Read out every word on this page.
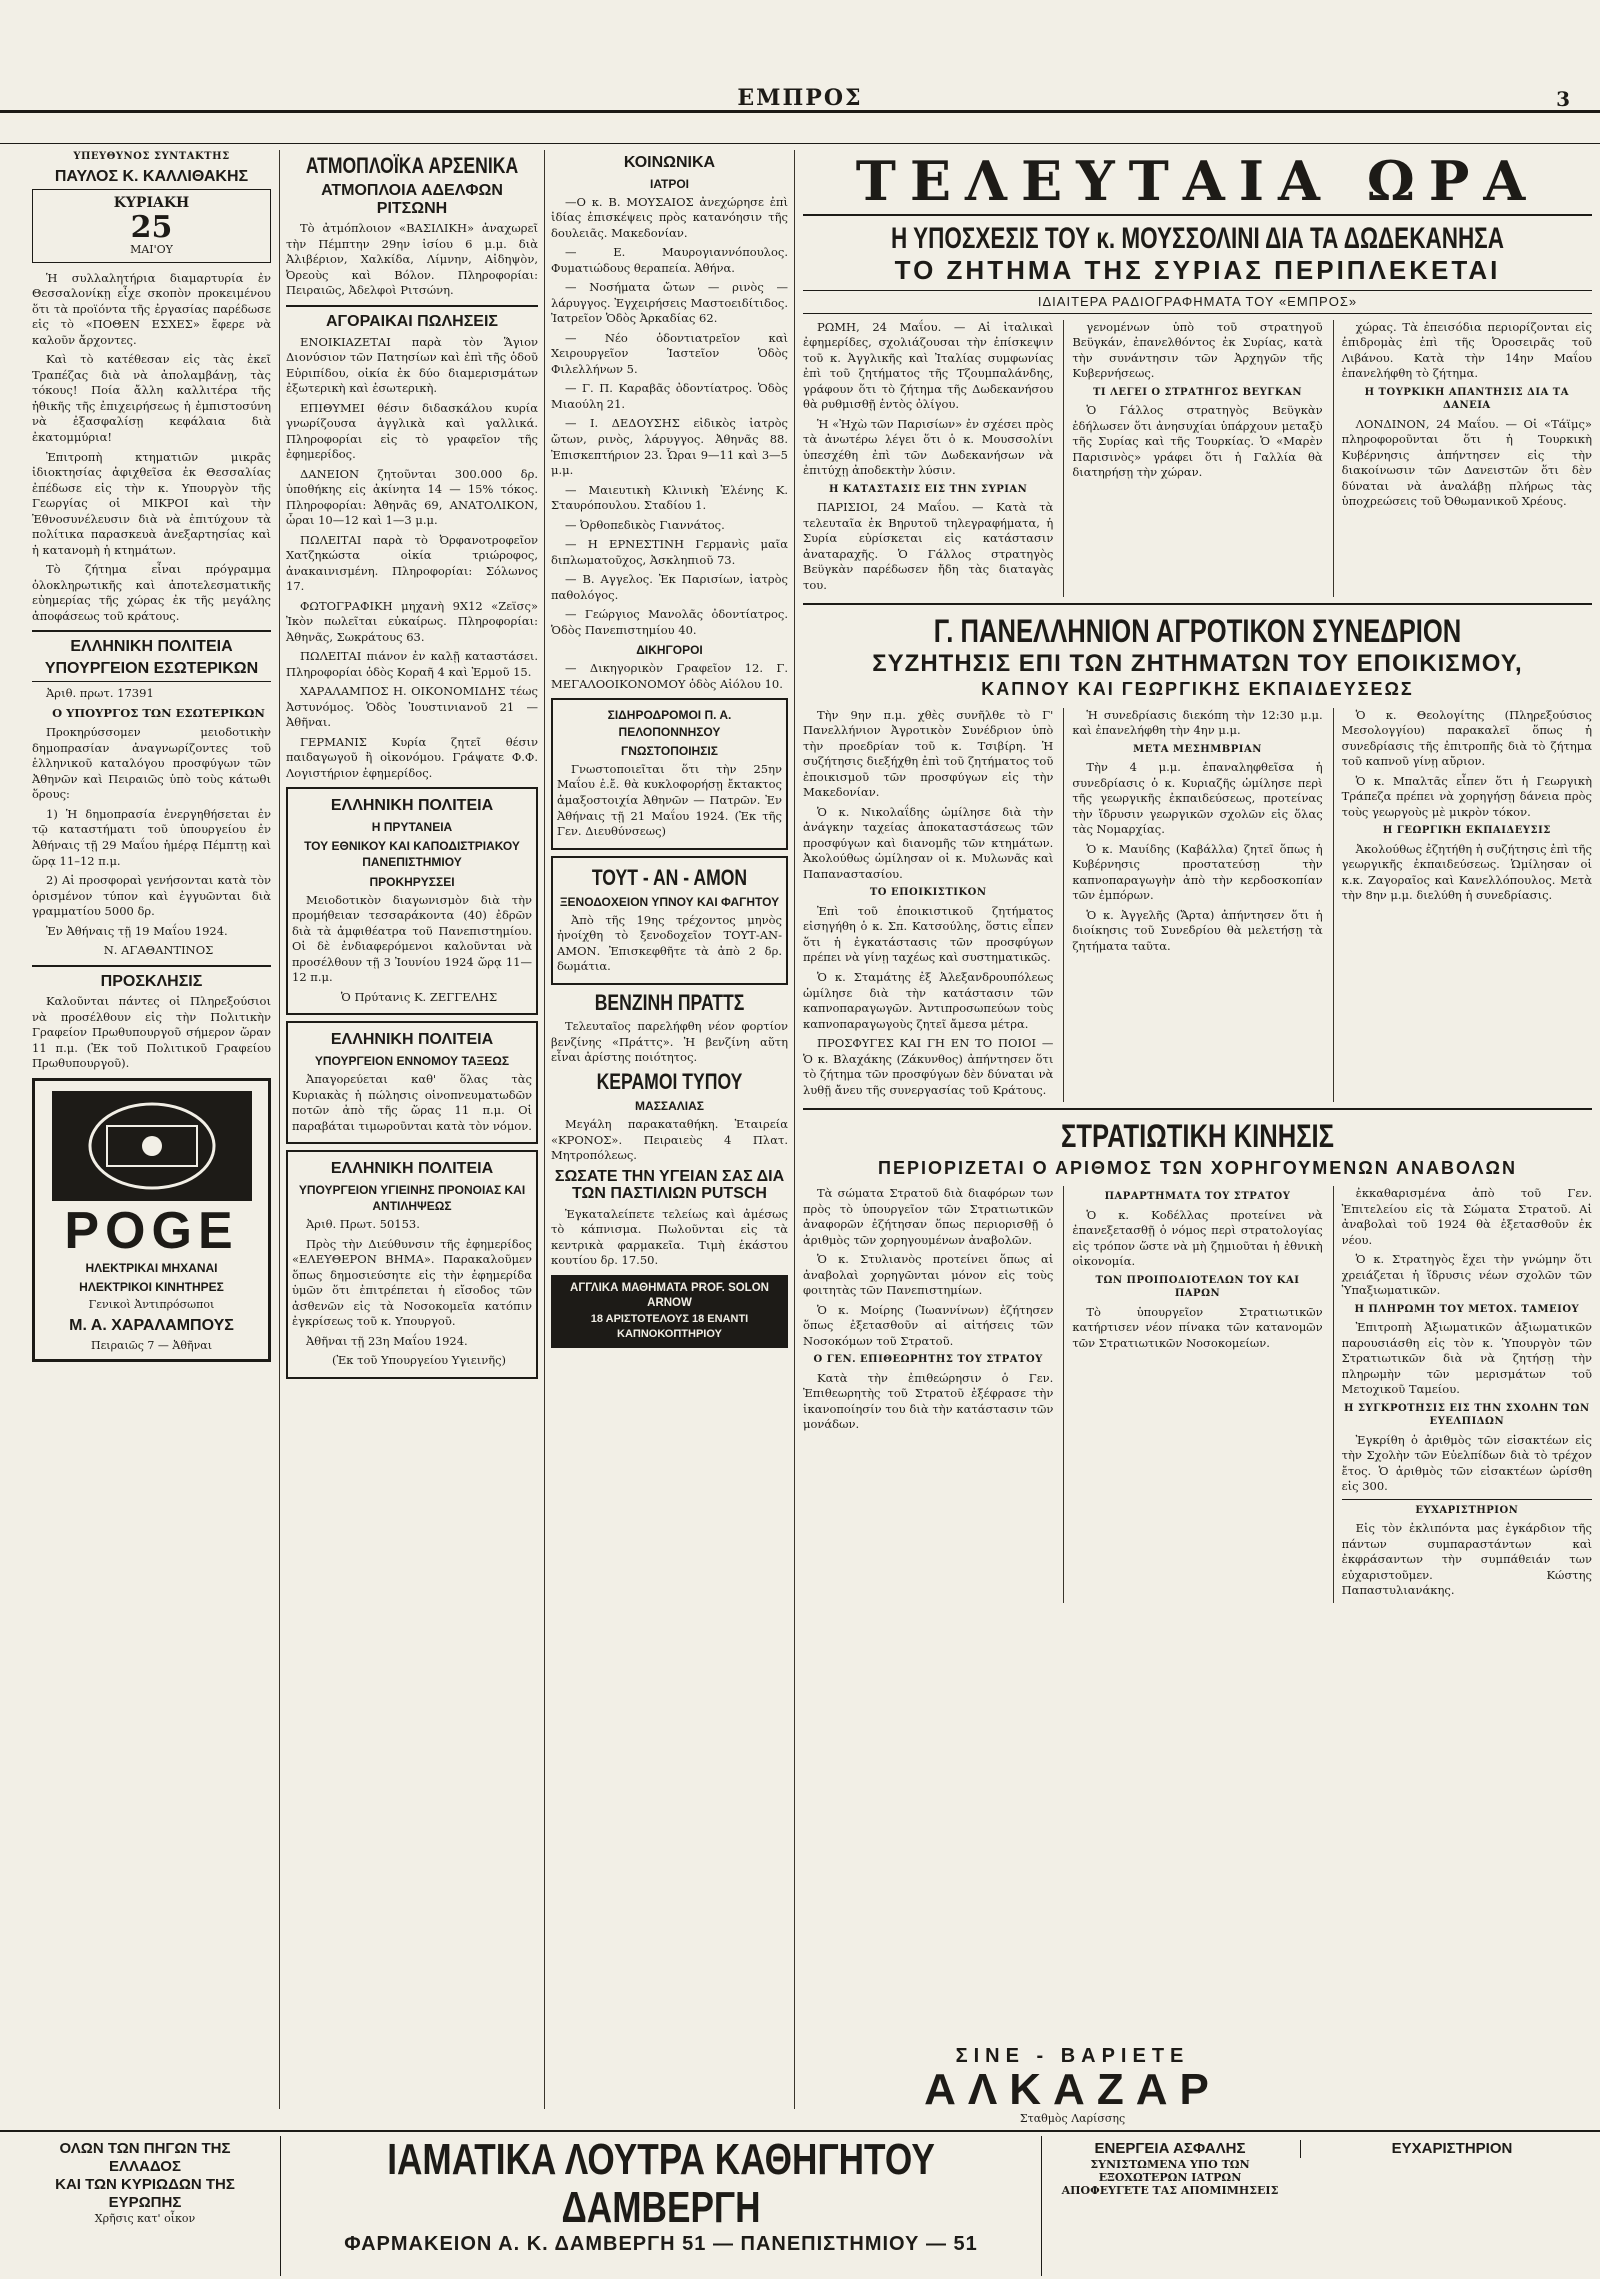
ΕΜΠΡΟΣ	3
ΥΠΕΥΘΥΝΟΣ ΣΥΝΤΑΚΤΗΣ
ΠΑΥΛΟΣ Κ. ΚΑΛΛΙΘΑΚΗΣ
ΚΥΡΙΑΚΗ
25
ΜΑΙ'ΟΥ

Ἡ συλλαλητήρια διαμαρτυρία ἐν Θεσσαλονίκῃ εἶχε σκοπὸν προκειμένου ὅτι τὰ προϊόντα τῆς ἐργασίας παρέδωσε εἰς τὸ «ΠΟΘΕΝ ΕΣΧΕΣ» ἔφερε νὰ καλοῦν ἄρχοντες.

Καὶ τὸ κατέθεσαν εἰς τὰς ἐκεῖ Τραπέζας διὰ νὰ ἀπολαμβάνῃ, τὰς τόκους! Ποία ἄλλη καλλιτέρα τῆς ἠθικῆς τῆς ἐπιχειρήσεως ἡ ἐμπιστοσύνη νὰ ἐξασφαλίσῃ κεφάλαια διὰ ἐκατομμύρια!

Ἐπιτροπὴ κτηματιῶν μικρᾶς ἰδιοκτησίας ἀφιχθεῖσα ἐκ Θεσσαλίας ἐπέδωσε εἰς τὴν κ. Υπουργὸν τῆς Γεωργίας οἱ ΜΙΚΡΟΙ καὶ τὴν Ἐθνοσυνέλευσιν διὰ νὰ ἐπιτύχουν τὰ πολίτικα παρασκευὰ ἀνεξαρτησίας καὶ ἡ κατανομὴ ἡ κτημάτων.

Τὸ ζήτημα εἶναι πρόγραμμα ὁλοκληρωτικῆς καὶ ἀποτελεσματικῆς εὐημερίας τῆς χώρας ἐκ τῆς μεγάλης ἀποφάσεως τοῦ κράτους.

ΕΛΛΗΝΙΚΗ ΠΟΛΙΤΕΙΑ
ΥΠΟΥΡΓΕΙΟΝ ΕΣΩΤΕΡΙΚΩΝ

Ἀριθ. πρωτ. 17391

Ο ΥΠΟΥΡΓΟΣ ΤΩΝ ΕΣΩΤΕΡΙΚΩΝ

Προκηρύσσομεν μειοδοτικὴν δημοπρασίαν ἀναγνωρίζοντες τοῦ ἑλληνικοῦ καταλόγου προσφύγων τῶν Ἀθηνῶν καὶ Πειραιῶς ὑπὸ τοὺς κάτωθι ὅρους:

1) Ἡ δημοπρασία ἐνεργηθήσεται ἐν τῷ καταστήματι τοῦ ὑπουργείου ἐν Ἀθήναις τῇ 29 Μαΐου ἡμέρᾳ Πέμπτῃ καὶ ὥρᾳ 11–12 π.μ.

2) Αἱ προσφοραὶ γενήσονται κατὰ τὸν ὁρισμένον τύπον καὶ ἐγγυῶνται διὰ γραμματίου 5000 δρ.

Ἐν Ἀθήναις τῇ 19 Μαΐου 1924.

Ν. ΑΓΑΘΑΝΤΙΝΟΣ

ΠΡΟΣΚΛΗΣΙΣ

Καλοῦνται πάντες οἱ Πληρεξούσιοι νὰ προσέλθουν εἰς τὴν Πολιτικὴν Γραφείον Πρωθυπουργοῦ σήμερον ὥραν 11 π.μ. (Ἐκ τοῦ Πολιτικοῦ Γραφείου Πρωθυπουργοῦ).

POGE
ΗΛΕΚΤΡΙΚΑΙ ΜΗΧΑΝΑΙ
ΗΛΕΚΤΡΙΚΟΙ ΚΙΝΗΤΗΡΕΣ
Γενικοὶ Ἀντιπρόσωποι
Μ. Α. ΧΑΡΑΛΑΜΠΟΥΣ
Πειραιῶς 7 — Ἀθῆναι
ΑΤΜΟΠΛΟΪΚΑ ΑΡΣΕΝΙΚΑ
ΑΤΜΟΠΛΟΙΑ ΑΔΕΛΦΩΝ ΡΙΤΣΩΝΗ

Τὸ ἀτμόπλοιον «ΒΑΣΙΛΙΚΗ» ἀναχωρεῖ τὴν Πέμπτην 29ην ἰσίου 6 μ.μ. διὰ Ἀλιβέριον, Χαλκίδα, Λίμνην, Αἰδηψὸν, Ὀρεοὺς καὶ Βόλον. Πληροφορίαι: Πειραιῶς, Ἀδελφοὶ Ριτσώνη.

ΑΓΟΡΑΙΚΑΙ ΠΩΛΗΣΕΙΣ

ΕΝΟΙΚΙΑΖΕΤΑΙ παρὰ τὸν Ἅγιον Διονύσιον τῶν Πατησίων καὶ ἐπὶ τῆς ὁδοῦ Εὐριπίδου, οἰκία ἐκ δύο διαμερισμάτων ἐξωτερικὴ καὶ ἐσωτερικὴ.

ΕΠΙΘΥΜΕΙ θέσιν διδασκάλου κυρία γνωρίζουσα ἀγγλικὰ καὶ γαλλικά. Πληροφορίαι εἰς τὸ γραφεῖον τῆς ἐφημερίδος.

ΔΑΝΕΙΟΝ ζητοῦνται 300.000 δρ. ὑποθήκης εἰς ἀκίνητα 14 — 15% τόκος. Πληροφορίαι: Ἀθηνᾶς 69, ΑΝΑΤΟΛΙΚΟΝ, ὧραι 10—12 καὶ 1—3 μ.μ.

ΠΩΛΕΙΤΑΙ παρὰ τὸ Ὀρφανοτροφεῖον Χατζηκώστα οἰκία τριώροφος, ἀνακαινισμένη. Πληροφορίαι: Σόλωνος 17.

ΦΩΤΟΓΡΑΦΙΚΗ μηχανὴ 9Χ12 «Ζεϊσς» Ἰκὸν πωλεῖται εὐκαίρως. Πληροφορίαι: Ἀθηνᾶς, Σωκράτους 63.

ΠΩΛΕΙΤΑΙ πιάνον ἐν καλῇ καταστάσει. Πληροφορίαι ὁδὸς Κοραῆ 4 καὶ Ἑρμοῦ 15.

ΧΑΡΑΛΑΜΠΟΣ Η. ΟΙΚΟΝΟΜΙΔΗΣ τέως Ἀστυνόμος. Ὁδὸς Ἰουστινιανοῦ 21 — Ἀθῆναι.

ΓΕΡΜΑΝΙΣ Κυρία ζητεῖ θέσιν παιδαγωγοῦ ἢ οἰκονόμου. Γράψατε Φ.Φ. Λογιστήριον ἐφημερίδος.

ΕΛΛΗΝΙΚΗ ΠΟΛΙΤΕΙΑ
Η ΠΡΥΤΑΝΕΙΑ
ΤΟΥ ΕΘΝΙΚΟΥ ΚΑΙ ΚΑΠΟΔΙΣΤΡΙΑΚΟΥ ΠΑΝΕΠΙΣΤΗΜΙΟΥ
ΠΡΟΚΗΡΥΣΣΕΙ

Μειοδοτικὸν διαγωνισμὸν διὰ τὴν προμήθειαν τεσσαράκοντα (40) ἐδρῶν διὰ τὰ ἀμφιθέατρα τοῦ Πανεπιστημίου. Οἱ δὲ ἐνδιαφερόμενοι καλοῦνται νὰ προσέλθουν τῇ 3 Ἰουνίου 1924 ὥρᾳ 11—12 π.μ.

Ὁ Πρύτανις Κ. ΖΕΓΓΕΛΗΣ

ΕΛΛΗΝΙΚΗ ΠΟΛΙΤΕΙΑ
ΥΠΟΥΡΓΕΙΟΝ ΕΝΝΟΜΟΥ ΤΑΞΕΩΣ

Ἀπαγορεύεται καθ' ὅλας τὰς Κυριακὰς ἡ πώλησις οἰνοπνευματωδῶν ποτῶν ἀπὸ τῆς ὥρας 11 π.μ. Οἱ παραβάται τιμωροῦνται κατὰ τὸν νόμον.

ΕΛΛΗΝΙΚΗ ΠΟΛΙΤΕΙΑ
ΥΠΟΥΡΓΕΙΟΝ ΥΓΙΕΙΝΗΣ ΠΡΟΝΟΙΑΣ ΚΑΙ ΑΝΤΙΛΗΨΕΩΣ

Ἀριθ. Πρωτ. 50153.

Πρὸς τὴν Διεύθυνσιν τῆς ἐφημερίδος «ΕΛΕΥΘΕΡΟΝ ΒΗΜΑ». Παρακαλοῦμεν ὅπως δημοσιεύσητε εἰς τὴν ἐφημερίδα ὑμῶν ὅτι ἐπιτρέπεται ἡ εἴσοδος τῶν ἀσθενῶν εἰς τὰ Νοσοκομεῖα κατόπιν ἐγκρίσεως τοῦ κ. Υπουργοῦ.

Ἀθῆναι τῇ 23η Μαΐου 1924.

(Ἐκ τοῦ Υπουργείου Υγιεινῆς)

ΚΟΙΝΩΝΙΚΑ
ΙΑΤΡΟΙ

—Ο κ. Β. ΜΟΥΣΑΙΟΣ ἀνεχώρησε ἐπὶ ἰδίας ἐπισκέψεις πρὸς κατανόησιν τῆς δουλειᾶς. Μακεδονίαν.

— Ε. Μαυρογιαννόπουλος. Φυματιώδους θεραπεία. Ἀθήνα.

— Νοσήματα ὤτων — ρινὸς — λάρυγγος. Ἐγχειρήσεις Μαστοειδίτιδος. Ἰατρεῖον Ὁδὸς Ἀρκαδίας 62.

— Νέο ὁδοντιατρεῖον καὶ Χειρουργεῖον Ἱαστεῖον Ὁδὸς Φιλελλήνων 5.

— Γ. Π. Καραβᾶς ὀδοντίατρος. Ὁδὸς Μιαούλη 21.

— Ι. ΔΕΔΟΥΣΗΣ εἰδικὸς ἰατρὸς ὤτων, ρινὸς, λάρυγγος. Ἀθηνᾶς 88. Ἐπισκεπτήριον 23. Ὧραι 9—11 καὶ 3—5 μ.μ.

— Μαιευτικὴ Κλινικὴ Ἑλένης Κ. Σταυρόπουλου. Σταδίου 1.

— Ὀρθοπεδικὸς Γιαννάτος.

— Η ΕΡΝΕΣΤΙΝΗ Γερμανὶς μαῖα διπλωματοῦχος, Ἀσκληπιοῦ 73.

— Β. Αγγελος. Ἐκ Παρισίων, ἰατρὸς παθολόγος.

— Γεώργιος Μανολᾶς ὀδοντίατρος. Ὁδὸς Πανεπιστημίου 40.

ΔΙΚΗΓΟΡΟΙ

— Δικηγορικὸν Γραφεῖον 12. Γ. ΜΕΓΑΛΟΟΙΚΟΝΟΜΟΥ ὁδὸς Αἰόλου 10.

ΣΙΔΗΡΟΔΡΟΜΟΙ Π. Α. ΠΕΛΟΠΟΝΝΗΣΟΥ
ΓΝΩΣΤΟΠΟΙΗΣΙΣ

Γνωστοποιεῖται ὅτι τὴν 25ην Μαΐου ἐ.ἔ. θὰ κυκλοφορήσῃ ἔκτακτος ἁμαξοστοιχία Ἀθηνῶν — Πατρῶν. Ἐν Ἀθήναις τῇ 21 Μαΐου 1924. (Ἐκ τῆς Γεν. Διευθύνσεως)

ΤΟΥΤ - ΑΝ - ΑΜΟΝ
ΞΕΝΟΔΟΧΕΙΟΝ ΥΠΝΟΥ ΚΑΙ ΦΑΓΗΤΟΥ

Ἀπὸ τῆς 19ης τρέχοντος μηνὸς ἠνοίχθη τὸ ξενοδοχεῖον ΤΟΥΤ-ΑΝ-ΑΜΟΝ. Ἐπισκεφθῆτε τὰ ἀπὸ 2 δρ. δωμάτια.

ΒΕΝΖΙΝΗ ΠΡΑΤΤΣ

Τελευταῖος παρελήφθη νέον φορτίον βενζίνης «Πράττς». Ἡ βενζίνη αὕτη εἶναι ἀρίστης ποιότητος.

ΚΕΡΑΜΟΙ ΤΥΠΟΥ
ΜΑΣΣΑΛΙΑΣ

Μεγάλη παρακαταθήκη. Ἑταιρεία «ΚΡΟΝΟΣ». Πειραιεὺς 4 Πλατ. Μητροπόλεως.

ΣΩΣΑΤΕ ΤΗΝ ΥΓΕΙΑΝ ΣΑΣ ΔΙΑ ΤΩΝ ΠΑΣΤΙΛΙΩΝ PUTSCH

Ἐγκαταλείπετε τελείως καὶ ἀμέσως τὸ κάπνισμα. Πωλοῦνται εἰς τὰ κεντρικὰ φαρμακεῖα. Τιμὴ ἑκάστου κουτίου δρ. 17.50.

ΑΓΓΛΙΚΑ ΜΑΘΗΜΑΤΑ PROF. SOLON ARNOW
18 ΑΡΙΣΤΟΤΕΛΟΥΣ 18 ΕΝΑΝΤΙ ΚΑΠΝΟΚΟΠΤΗΡΙΟΥ
ΤΕΛΕΥΤΑΙΑ ΩΡΑ
Η ΥΠΟΣΧΕΣΙΣ ΤΟΥ κ. ΜΟΥΣΣΟΛΙΝΙ ΔΙΑ ΤΑ ΔΩΔΕΚΑΝΗΣΑ
ΤΟ ΖΗΤΗΜΑ ΤΗΣ ΣΥΡΙΑΣ ΠΕΡΙΠΛΕΚΕΤΑΙ
ΙΔΙΑΙΤΕΡΑ ΡΑΔΙΟΓΡΑΦΗΜΑΤΑ ΤΟΥ «ΕΜΠΡΟΣ»

ΡΩΜΗ, 24 Μαΐου. — Αἱ ἰταλικαὶ ἐφημερίδες, σχολιάζουσαι τὴν ἐπίσκεψιν τοῦ κ. Ἀγγλικῆς καὶ Ἰταλίας συμφωνίας ἐπὶ τοῦ ζητήματος τῆς Τζουμπαλάνδης, γράφουν ὅτι τὸ ζήτημα τῆς Δωδεκανήσου θὰ ρυθμισθῇ ἐντὸς ὀλίγου.

Ἡ «Ἠχὼ τῶν Παρισίων» ἐν σχέσει πρὸς τὰ ἀνωτέρω λέγει ὅτι ὁ κ. Μουσσολίνι ὑπεσχέθη ἐπὶ τῶν Δωδεκανήσων νὰ ἐπιτύχῃ ἀποδεκτὴν λύσιν.

Η ΚΑΤΑΣΤΑΣΙΣ ΕΙΣ ΤΗΝ ΣΥΡΙΑΝ

ΠΑΡΙΣΙΟΙ, 24 Μαΐου. — Κατὰ τὰ τελευταῖα ἐκ Βηρυτοῦ τηλεγραφήματα, ἡ Συρία εὑρίσκεται εἰς κατάστασιν ἀναταραχῆς. Ὁ Γάλλος στρατηγὸς Βεϋγκὰν παρέδωσεν ἤδη τὰς διαταγὰς του.

γενομένων ὑπὸ τοῦ στρατηγοῦ Βεϋγκάν, ἐπανελθόντος ἐκ Συρίας, κατὰ τὴν συνάντησιν τῶν Ἀρχηγῶν τῆς Κυβερνήσεως.

ΤΙ ΛΕΓΕΙ Ο ΣΤΡΑΤΗΓΟΣ ΒΕΥΓΚΑΝ

Ὁ Γάλλος στρατηγὸς Βεϋγκὰν ἐδήλωσεν ὅτι ἀνησυχίαι ὑπάρχουν μεταξὺ τῆς Συρίας καὶ τῆς Τουρκίας. Ὁ «Μαρὲν Παρισινὸς» γράφει ὅτι ἡ Γαλλία θὰ διατηρήσῃ τὴν χώραν.

χώρας. Τὰ ἐπεισόδια περιορίζονται εἰς ἐπιδρομὰς ἐπὶ τῆς Ὀροσειρᾶς τοῦ Λιβάνου. Κατὰ τὴν 14ην Μαΐου ἐπανελήφθη τὸ ζήτημα.

Η ΤΟΥΡΚΙΚΗ ΑΠΑΝΤΗΣΙΣ ΔΙΑ ΤΑ ΔΑΝΕΙΑ

ΛΟΝΔΙΝΟΝ, 24 Μαΐου. — Οἱ «Τάϊμς» πληροφοροῦνται ὅτι ἡ Τουρκικὴ Κυβέρνησις ἀπήντησεν εἰς τὴν διακοίνωσιν τῶν Δανειστῶν ὅτι δὲν δύναται νὰ ἀναλάβῃ πλήρως τὰς ὑποχρεώσεις τοῦ Ὀθωμανικοῦ Χρέους.

Γ. ΠΑΝΕΛΛΗΝΙΟΝ ΑΓΡΟΤΙΚΟΝ ΣΥΝΕΔΡΙΟΝ
ΣΥΖΗΤΗΣΙΣ ΕΠΙ ΤΩΝ ΖΗΤΗΜΑΤΩΝ ΤΟΥ ΕΠΟΙΚΙΣΜΟΥ,
ΚΑΠΝΟΥ ΚΑΙ ΓΕΩΡΓΙΚΗΣ ΕΚΠΑΙΔΕΥΣΕΩΣ

Τὴν 9ην π.μ. χθὲς συνῆλθε τὸ Γ' Πανελλήνιον Ἀγροτικὸν Συνέδριον ὑπὸ τὴν προεδρίαν τοῦ κ. Τσιβίρη. Ἡ συζήτησις διεξήχθη ἐπὶ τοῦ ζητήματος τοῦ ἐποικισμοῦ τῶν προσφύγων εἰς τὴν Μακεδονίαν.

Ὁ κ. Νικολαΐδης ὡμίλησε διὰ τὴν ἀνάγκην ταχείας ἀποκαταστάσεως τῶν προσφύγων καὶ διανομῆς τῶν κτημάτων. Ἀκολούθως ὡμίλησαν οἱ κ. Μυλωνᾶς καὶ Παπαναστασίου.

ΤΟ ΕΠΟΙΚΙΣΤΙΚΟΝ

Ἐπὶ τοῦ ἐποικιστικοῦ ζητήματος εἰσηγήθη ὁ κ. Σπ. Κατσούλης, ὅστις εἶπεν ὅτι ἡ ἐγκατάστασις τῶν προσφύγων πρέπει νὰ γίνῃ ταχέως καὶ συστηματικῶς.

Ὁ κ. Σταμάτης ἐξ Ἀλεξανδρουπόλεως ὡμίλησε διὰ τὴν κατάστασιν τῶν καπνοπαραγωγῶν. Ἀντιπροσωπεύων τοὺς καπνοπαραγωγοὺς ζητεῖ ἄμεσα μέτρα.

ΠΡΟΣΦΥΓΕΣ ΚΑΙ ΓΗ ΕΝ ΤΟ ΠΟΙΟΙ — Ὁ κ. Βλαχάκης (Ζάκυνθος) ἀπήντησεν ὅτι τὸ ζήτημα τῶν προσφύγων δὲν δύναται νὰ λυθῇ ἄνευ τῆς συνεργασίας τοῦ Κράτους.

Ἡ συνεδρίασις διεκόπη τὴν 12:30 μ.μ. καὶ ἐπανελήφθη τὴν 4ην μ.μ.

ΜΕΤΑ ΜΕΣΗΜΒΡΙΑΝ

Τὴν 4 μ.μ. ἐπαναληφθεῖσα ἡ συνεδρίασις ὁ κ. Κυριαζῆς ὡμίλησε περὶ τῆς γεωργικῆς ἐκπαιδεύσεως, προτείνας τὴν ἵδρυσιν γεωργικῶν σχολῶν εἰς ὅλας τὰς Νομαρχίας.

Ὁ κ. Μαυίδης (Καβάλλα) ζητεῖ ὅπως ἡ Κυβέρνησις προστατεύσῃ τὴν καπνοπαραγωγὴν ἀπὸ τὴν κερδοσκοπίαν τῶν ἐμπόρων.

Ὁ κ. Ἀγγελῆς (Ἄρτα) ἀπήντησεν ὅτι ἡ διοίκησις τοῦ Συνεδρίου θὰ μελετήσῃ τὰ ζητήματα ταῦτα.

Ὁ κ. Θεολογίτης (Πληρεξούσιος Μεσολογγίου) παρακαλεῖ ὅπως ἡ συνεδρίασις τῆς ἐπιτροπῆς διὰ τὸ ζήτημα τοῦ καπνοῦ γίνῃ αὔριον.

Ὁ κ. Μπαλτᾶς εἶπεν ὅτι ἡ Γεωργικὴ Τράπεζα πρέπει νὰ χορηγήσῃ δάνεια πρὸς τοὺς γεωργοὺς μὲ μικρὸν τόκον.

Η ΓΕΩΡΓΙΚΗ ΕΚΠΑΙΔΕΥΣΙΣ

Ἀκολούθως ἐζητήθη ἡ συζήτησις ἐπὶ τῆς γεωργικῆς ἐκπαιδεύσεως. Ὡμίλησαν οἱ κ.κ. Ζαγοραῖος καὶ Κανελλόπουλος. Μετὰ τὴν 8ην μ.μ. διελύθη ἡ συνεδρίασις.

ΣΤΡΑΤΙΩΤΙΚΗ ΚΙΝΗΣΙΣ
ΠΕΡΙΟΡΙΖΕΤΑΙ Ο ΑΡΙΘΜΟΣ ΤΩΝ ΧΟΡΗΓΟΥΜΕΝΩΝ ΑΝΑΒΟΛΩΝ

Τὰ σώματα Στρατοῦ διὰ διαφόρων των πρὸς τὸ ὑπουργεῖον τῶν Στρατιωτικῶν ἀναφορῶν ἐζήτησαν ὅπως περιορισθῇ ὁ ἀριθμὸς τῶν χορηγουμένων ἀναβολῶν.

Ὁ κ. Στυλιανὸς προτείνει ὅπως αἱ ἀναβολαὶ χορηγῶνται μόνον εἰς τοὺς φοιτητὰς τῶν Πανεπιστημίων.

Ὁ κ. Μοίρης (Ἰωαννίνων) ἐζήτησεν ὅπως ἐξετασθοῦν αἱ αἰτήσεις τῶν Νοσοκόμων τοῦ Στρατοῦ.

Ο ΓΕΝ. ΕΠΙΘΕΩΡΗΤΗΣ ΤΟΥ ΣΤΡΑΤΟΥ

Κατὰ τὴν ἐπιθεώρησιν ὁ Γεν. Ἐπιθεωρητὴς τοῦ Στρατοῦ ἐξέφρασε τὴν ἱκανοποίησίν του διὰ τὴν κατάστασιν τῶν μονάδων.

ΠΑΡΑΡΤΗΜΑΤΑ ΤΟΥ ΣΤΡΑΤΟΥ

Ὁ κ. Κοδέλλας προτείνει νὰ ἐπανεξετασθῇ ὁ νόμος περὶ στρατολογίας εἰς τρόπον ὥστε νὰ μὴ ζημιοῦται ἡ ἐθνικὴ οἰκονομία.

ΤΩΝ ΠΡΟΙΠΟΔΙΟΤΕΛΩΝ ΤΟΥ ΚΑΙ ΠΑΡΩΝ

Τὸ ὑπουργεῖον Στρατιωτικῶν κατήρτισεν νέον πίνακα τῶν κατανομῶν τῶν Στρατιωτικῶν Νοσοκομείων.

ἐκκαθαρισμένα ἀπὸ τοῦ Γεν. Ἐπιτελείου εἰς τὰ Σώματα Στρατοῦ. Αἱ ἀναβολαὶ τοῦ 1924 θὰ ἐξετασθοῦν ἐκ νέου.

Ὁ κ. Στρατηγὸς ἔχει τὴν γνώμην ὅτι χρειάζεται ἡ ἵδρυσις νέων σχολῶν τῶν Ὑπαξιωματικῶν.

Η ΠΛΗΡΩΜΗ ΤΟΥ ΜΕΤΟΧ. ΤΑΜΕΙΟΥ

Ἐπιτροπὴ Ἀξιωματικῶν ἀξιωματικῶν παρουσιάσθη εἰς τὸν κ. Ὑπουργὸν τῶν Στρατιωτικῶν διὰ νὰ ζητήσῃ τὴν πληρωμὴν τῶν μερισμάτων τοῦ Μετοχικοῦ Ταμείου.

Η ΣΥΓΚΡΟΤΗΣΙΣ ΕΙΣ ΤΗΝ ΣΧΟΛΗΝ ΤΩΝ ΕΥΕΛΠΙΔΩΝ

Ἐγκρίθη ὁ ἀριθμὸς τῶν εἰσακτέων εἰς τὴν Σχολὴν τῶν Εὐελπίδων διὰ τὸ τρέχον ἔτος. Ὁ ἀριθμὸς τῶν εἰσακτέων ὡρίσθη εἰς 300.

ΕΥΧΑΡΙΣΤΗΡΙΟΝ

Εἰς τὸν ἐκλιπόντα μας ἐγκάρδιον τῆς πάντων συμπαραστάντων καὶ ἐκφράσαντων τὴν συμπάθειάν των εὐχαριστοῦμεν. Κώστης Παπαστυλιανάκης.

ΣΙΝΕ - ΒΑΡΙΕΤΕ
ΑΛΚΑΖΑΡ
Σταθμὸς Λαρίσσης
ΟΛΩΝ ΤΩΝ ΠΗΓΩΝ ΤΗΣ ΕΛΛΑΔΟΣ
ΚΑΙ ΤΩΝ ΚΥΡΙΩΔΩΝ ΤΗΣ ΕΥΡΩΠΗΣ
Χρῆσις κατ' οἶκον
ΙΑΜΑΤΙΚΑ ΛΟΥΤΡΑ ΚΑΘΗΓΗΤΟΥ ΔΑΜΒΕΡΓΗ
ΦΑΡΜΑΚΕΙΟΝ Α. Κ. ΔΑΜΒΕΡΓΗ 51 — ΠΑΝΕΠΙΣΤΗΜΙΟΥ — 51
ΕΝΕΡΓΕΙΑ ΑΣΦΑΛΗΣ
ΣΥΝΙΣΤΩΜΕΝΑ ΥΠΟ ΤΩΝ ΕΞΟΧΩΤΕΡΩΝ ΙΑΤΡΩΝ
ΑΠΟΦΕΥΓΕΤΕ ΤΑΣ ΑΠΟΜΙΜΗΣΕΙΣ
ΕΥΧΑΡΙΣΤΗΡΙΟΝ
